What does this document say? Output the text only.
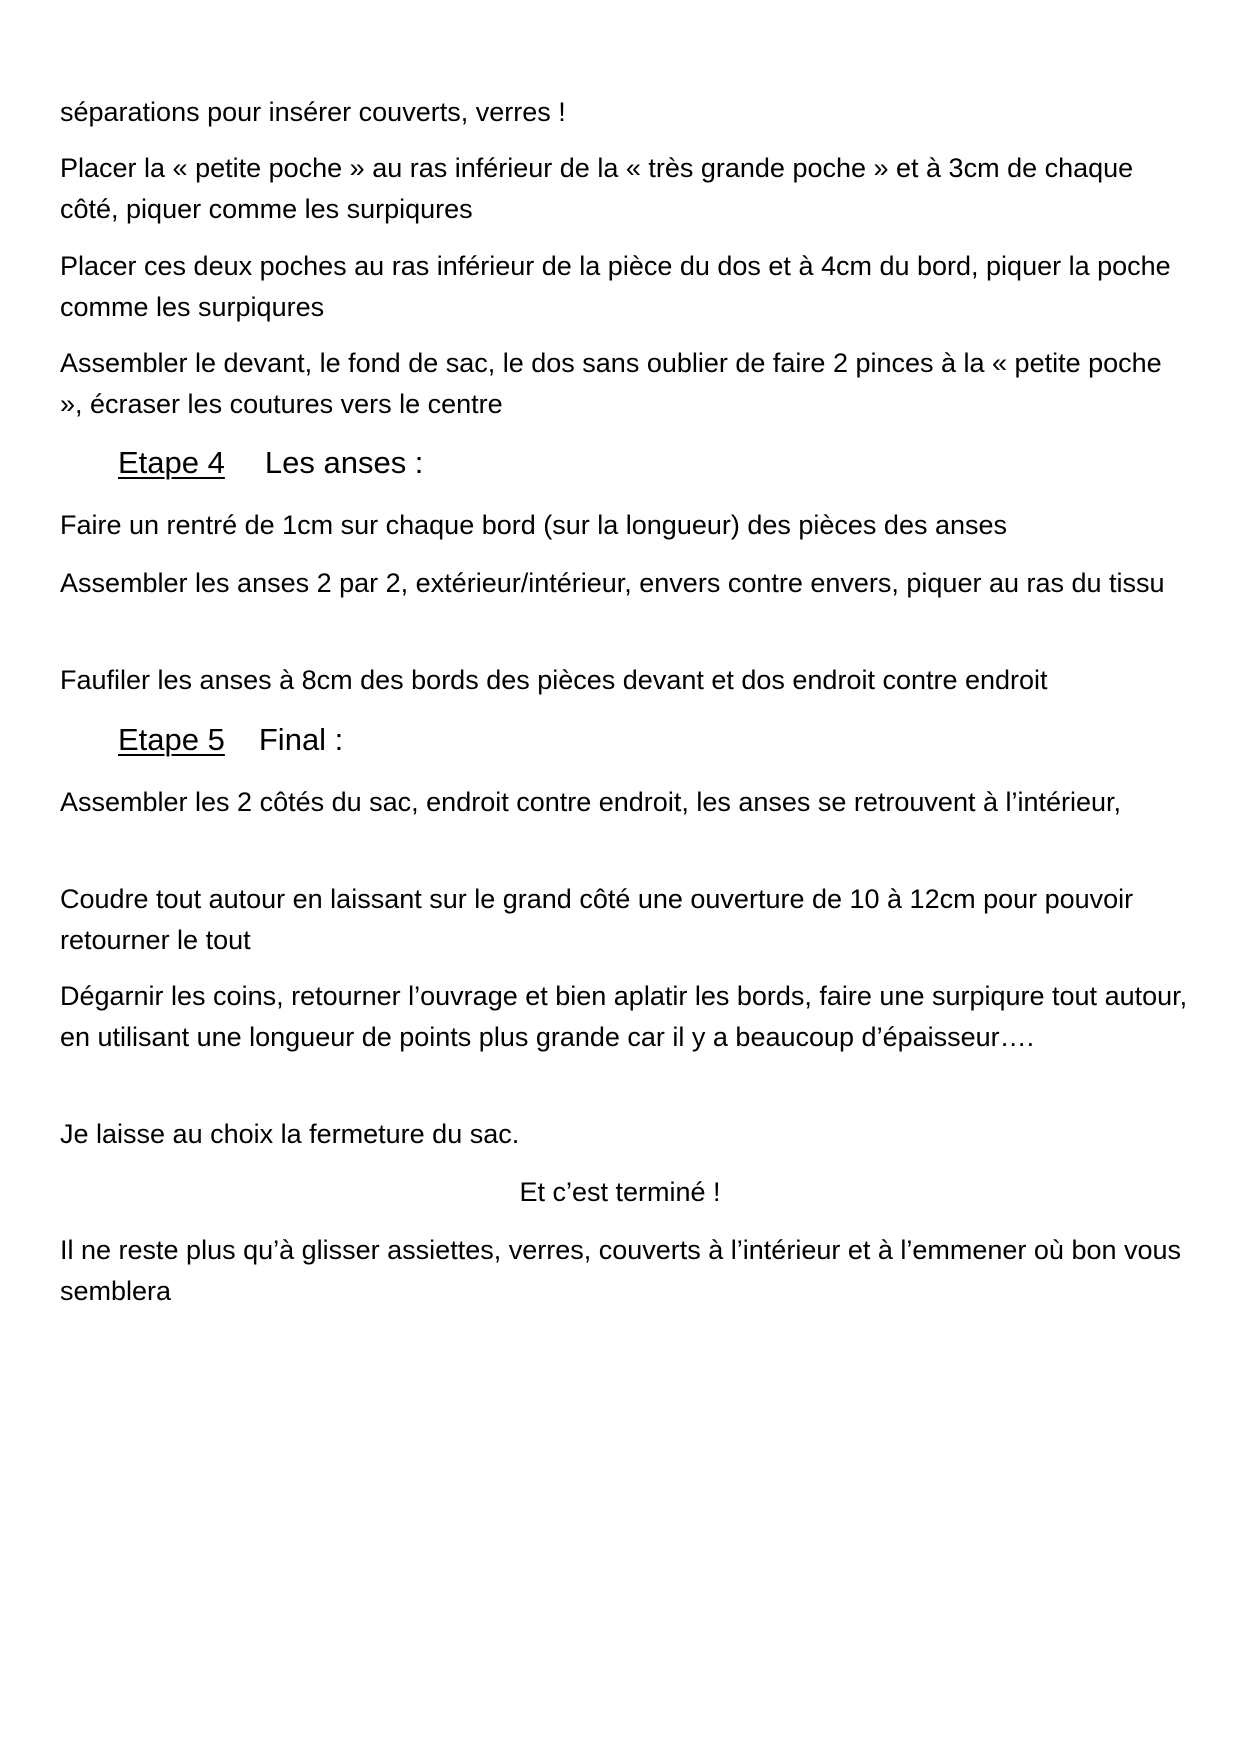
séparations pour insérer couverts, verres !

Placer la « petite poche » au ras inférieur de la « très grande poche » et à 3cm de chaque côté, piquer comme les surpiqures

Placer ces deux poches au ras inférieur de la pièce du dos et à 4cm du bord, piquer la poche comme les surpiqures

Assembler le devant, le fond de sac, le dos sans oublier de faire 2 pinces à la « petite poche », écraser les coutures vers le centre

Etape 4 Les anses :

Faire un rentré de 1cm sur chaque bord (sur la longueur) des pièces des anses

Assembler les anses 2 par 2, extérieur/intérieur, envers contre envers, piquer au ras du tissu

Faufiler les anses à 8cm des bords des pièces devant et dos endroit contre endroit

Etape 5 Final :

Assembler les 2 côtés du sac, endroit contre endroit, les anses se retrouvent à l’intérieur,

Coudre tout autour en laissant sur le grand côté une ouverture de 10 à 12cm pour pouvoir retourner le tout

Dégarnir les coins, retourner l’ouvrage et bien aplatir les bords, faire une surpiqure tout autour, en utilisant une longueur de points plus grande car il y a beaucoup d’épaisseur….

Je laisse au choix la fermeture du sac.

Et c’est terminé !

Il ne reste plus qu’à glisser assiettes, verres, couverts à l’intérieur et à l’emmener où bon vous semblera
